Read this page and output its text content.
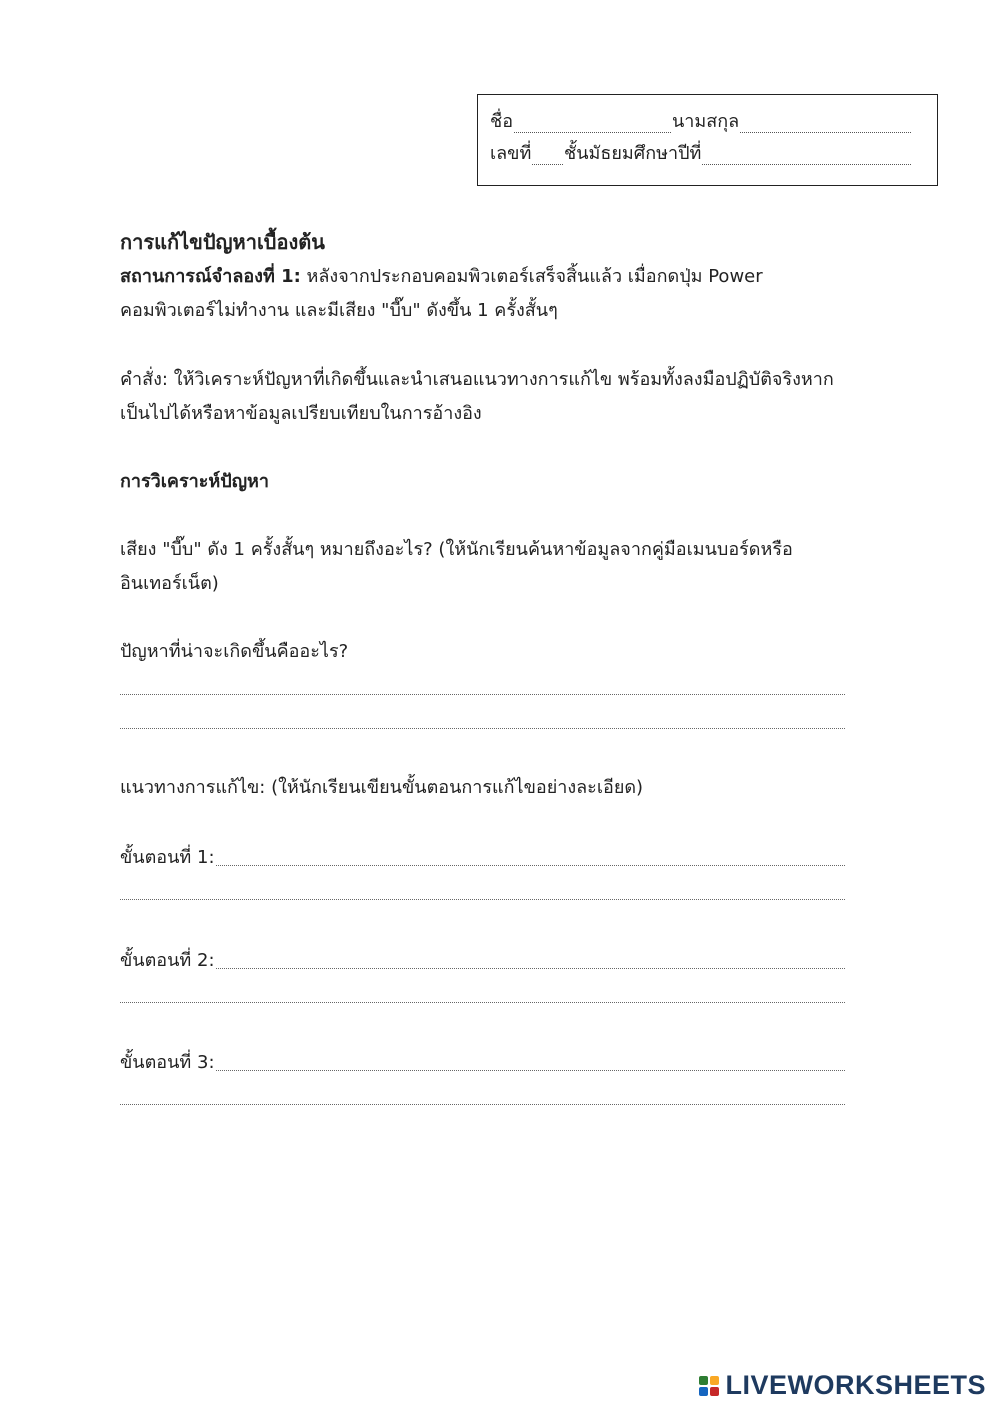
ชื่อ	นามสกุล
เลขที่ ชั้นมัธยมศึกษาปีที่
การแก้ไขปัญหาเบื้องต้น
สถานการณ์จำลองที่ 1: หลังจากประกอบคอมพิวเตอร์เสร็จสิ้นแล้ว เมื่อกดปุ่ม Power
คอมพิวเตอร์ไม่ทำงาน และมีเสียง "บี๊บ" ดังขึ้น 1 ครั้งสั้นๆ
คำสั่ง: ให้วิเคราะห์ปัญหาที่เกิดขึ้นและนำเสนอแนวทางการแก้ไข พร้อมทั้งลงมือปฏิบัติจริงหาก
เป็นไปได้หรือหาข้อมูลเปรียบเทียบในการอ้างอิง
การวิเคราะห์ปัญหา
เสียง "บี๊บ" ดัง 1 ครั้งสั้นๆ หมายถึงอะไร? (ให้นักเรียนค้นหาข้อมูลจากคู่มือเมนบอร์ดหรือ
อินเทอร์เน็ต)
ปัญหาที่น่าจะเกิดขึ้นคืออะไร?
แนวทางการแก้ไข: (ให้นักเรียนเขียนขั้นตอนการแก้ไขอย่างละเอียด)
ขั้นตอนที่ 1:
ขั้นตอนที่ 2:
ขั้นตอนที่ 3:
LIVEWORKSHEETS
